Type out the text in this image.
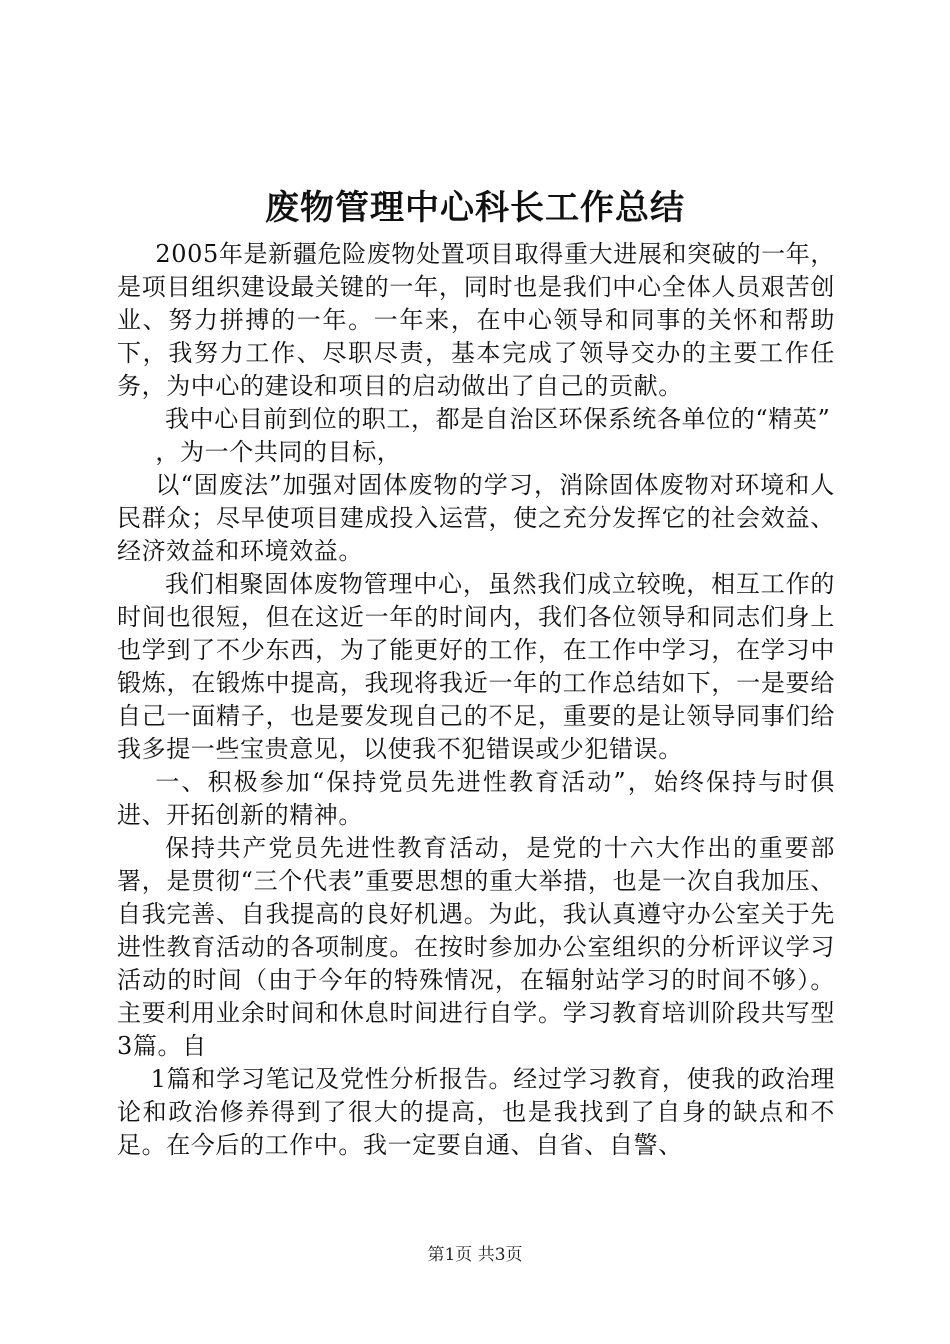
废物管理中心科长工作总结

2005年是新疆危险废物处置项目取得重大进展和突破的一年，是项目组织建设最关键的一年，同时也是我们中心全体人员艰苦创业、努力拼搏的一年。一年来，在中心领导和同事的关怀和帮助下，我努力工作、尽职尽责，基本完成了领导交办的主要工作任务，为中心的建设和项目的启动做出了自己的贡献。

我中心目前到位的职工，都是自治区环保系统各单位的“精英”

，为一个共同的目标，

以“固废法”加强对固体废物的学习，消除固体废物对环境和人民群众；尽早使项目建成投入运营，使之充分发挥它的社会效益、经济效益和环境效益。

我们相聚固体废物管理中心，虽然我们成立较晚，相互工作的时间也很短，但在这近一年的时间内，我们各位领导和同志们身上也学到了不少东西，为了能更好的工作，在工作中学习，在学习中锻炼，在锻炼中提高，我现将我近一年的工作总结如下，一是要给自己一面精子，也是要发现自己的不足，重要的是让领导同事们给我多提一些宝贵意见，以使我不犯错误或少犯错误。

一、积极参加“保持党员先进性教育活动”，始终保持与时俱进、开拓创新的精神。

保持共产党员先进性教育活动，是党的十六大作出的重要部署，是贯彻“三个代表”重要思想的重大举措，也是一次自我加压、自我完善、自我提高的良好机遇。为此，我认真遵守办公室关于先进性教育活动的各项制度。在按时参加办公室组织的分析评议学习活动的时间（由于今年的特殊情况，在辐射站学习的时间不够）。主要利用业余时间和休息时间进行自学。学习教育培训阶段共写型3篇。自

1篇和学习笔记及党性分析报告。经过学习教育，使我的政治理论和政治修养得到了很大的提高，也是我找到了自身的缺点和不足。在今后的工作中。我一定要自通、自省、自警、

第1页 共3页
